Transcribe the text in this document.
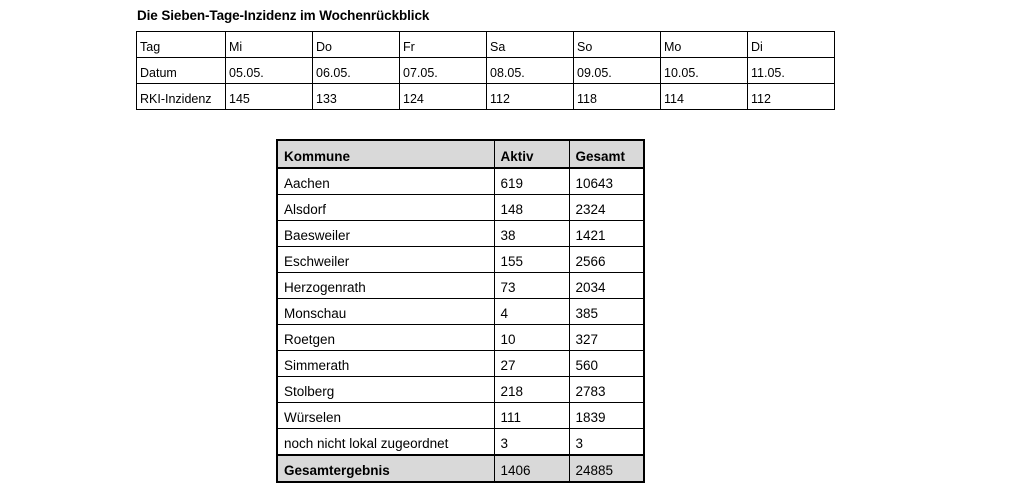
Die Sieben-Tage-Inzidenz im Wochenrückblick
Tag	Mi	Do	Fr	Sa	So	Mo	Di
Datum	05.05.	06.05.	07.05.	08.05.	09.05.	10.05.	11.05.
RKI-Inzidenz	145	133	124	112	118	114	112
Kommune	Aktiv	Gesamt
Aachen	619	10643
Alsdorf	148	2324
Baesweiler	38	1421
Eschweiler	155	2566
Herzogenrath	73	2034
Monschau	4	385
Roetgen	10	327
Simmerath	27	560
Stolberg	218	2783
Würselen	111	1839
noch nicht lokal zugeordnet	3	3
Gesamtergebnis	1406	24885
